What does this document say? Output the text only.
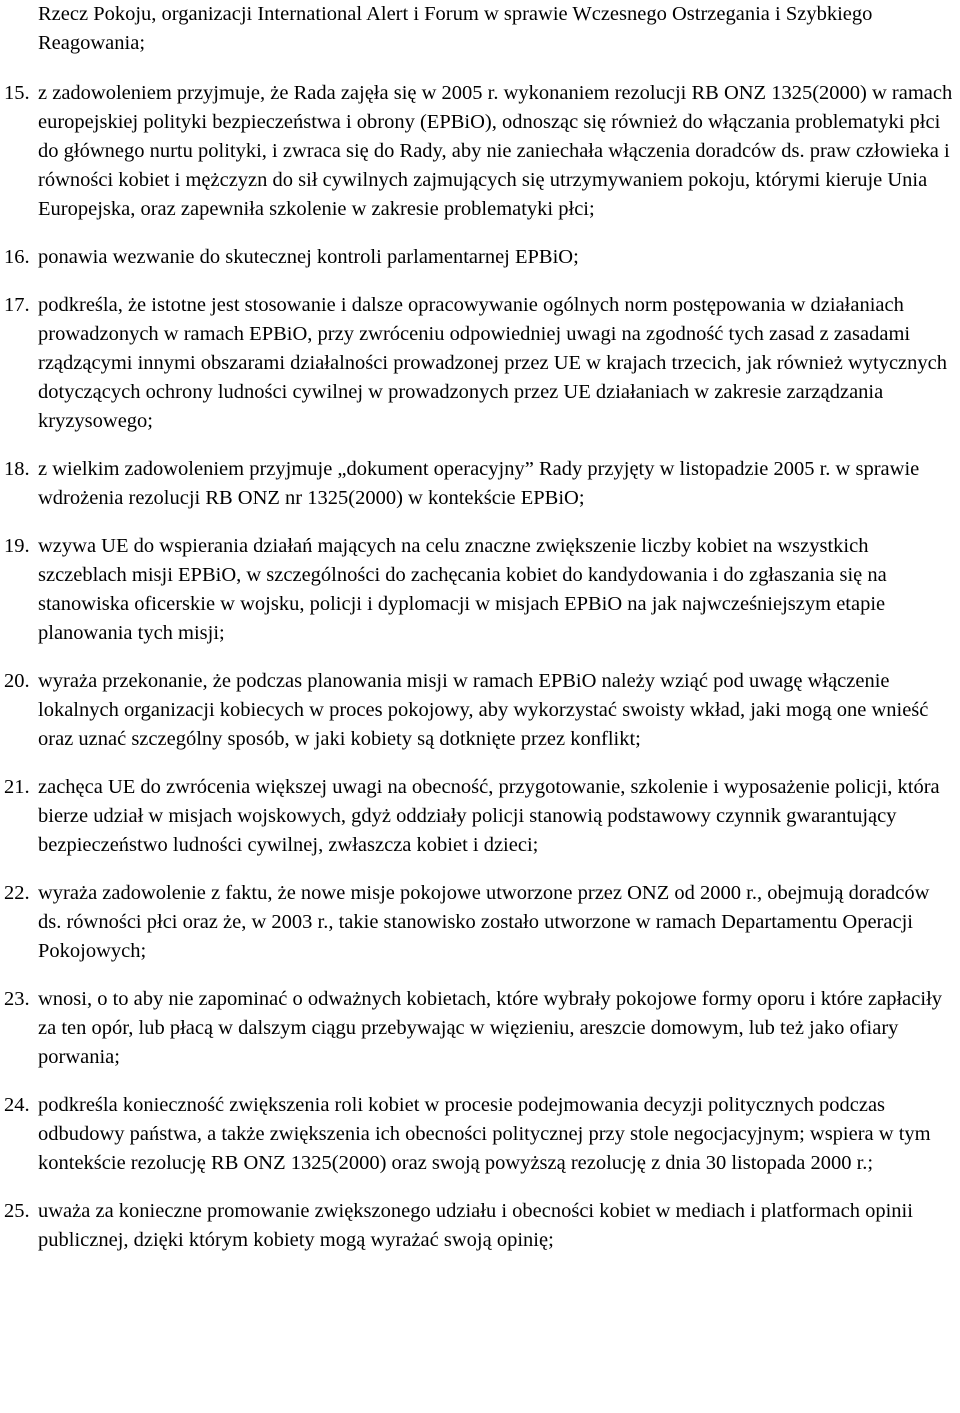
Rzecz Pokoju, organizacji International Alert i Forum w sprawie Wczesnego Ostrzegania i Szybkiego Reagowania;

15. z zadowoleniem przyjmuje, że Rada zajęła się w 2005 r. wykonaniem rezolucji RB ONZ 1325(2000) w ramach europejskiej polityki bezpieczeństwa i obrony (EPBiO), odnosząc się również do włączania problematyki płci do głównego nurtu polityki, i zwraca się do Rady, aby nie zaniechała włączenia doradców ds. praw człowieka i równości kobiet i mężczyzn do sił cywilnych zajmujących się utrzymywaniem pokoju, którymi kieruje Unia Europejska, oraz zapewniła szkolenie w zakresie problematyki płci;
16. ponawia wezwanie do skutecznej kontroli parlamentarnej EPBiO;
17. podkreśla, że istotne jest stosowanie i dalsze opracowywanie ogólnych norm postępowania w działaniach prowadzonych w ramach EPBiO, przy zwróceniu odpowiedniej uwagi na zgodność tych zasad z zasadami rządzącymi innymi obszarami działalności prowadzonej przez UE w krajach trzecich, jak również wytycznych dotyczących ochrony ludności cywilnej w prowadzonych przez UE działaniach w zakresie zarządzania kryzysowego;
18. z wielkim zadowoleniem przyjmuje „dokument operacyjny” Rady przyjęty w listopadzie 2005 r. w sprawie wdrożenia rezolucji RB ONZ nr 1325(2000) w kontekście EPBiO;
19. wzywa UE do wspierania działań mających na celu znaczne zwiększenie liczby kobiet na wszystkich szczeblach misji EPBiO, w szczególności do zachęcania kobiet do kandydowania i do zgłaszania się na stanowiska oficerskie w wojsku, policji i dyplomacji w misjach EPBiO na jak najwcześniejszym etapie planowania tych misji;
20. wyraża przekonanie, że podczas planowania misji w ramach EPBiO należy wziąć pod uwagę włączenie lokalnych organizacji kobiecych w proces pokojowy, aby wykorzystać swoisty wkład, jaki mogą one wnieść oraz uznać szczególny sposób, w jaki kobiety są dotknięte przez konflikt;
21. zachęca UE do zwrócenia większej uwagi na obecność, przygotowanie, szkolenie i wyposażenie policji, która bierze udział w misjach wojskowych, gdyż oddziały policji stanowią podstawowy czynnik gwarantujący bezpieczeństwo ludności cywilnej, zwłaszcza kobiet i dzieci;
22. wyraża zadowolenie z faktu, że nowe misje pokojowe utworzone przez ONZ od 2000 r., obejmują doradców ds. równości płci oraz że, w 2003 r., takie stanowisko zostało utworzone w ramach Departamentu Operacji Pokojowych;
23. wnosi, o to aby nie zapominać o odważnych kobietach, które wybrały pokojowe formy oporu i które zapłaciły za ten opór, lub płacą w dalszym ciągu przebywając w więzieniu, areszcie domowym, lub też jako ofiary porwania;
24. podkreśla konieczność zwiększenia roli kobiet w procesie podejmowania decyzji politycznych podczas odbudowy państwa, a także zwiększenia ich obecności politycznej przy stole negocjacyjnym; wspiera w tym kontekście rezolucję RB ONZ 1325(2000) oraz swoją powyższą rezolucję z dnia 30 listopada 2000 r.;
25. uważa za konieczne promowanie zwiększonego udziału i obecności kobiet w mediach i platformach opinii publicznej, dzięki którym kobiety mogą wyrażać swoją opinię;
